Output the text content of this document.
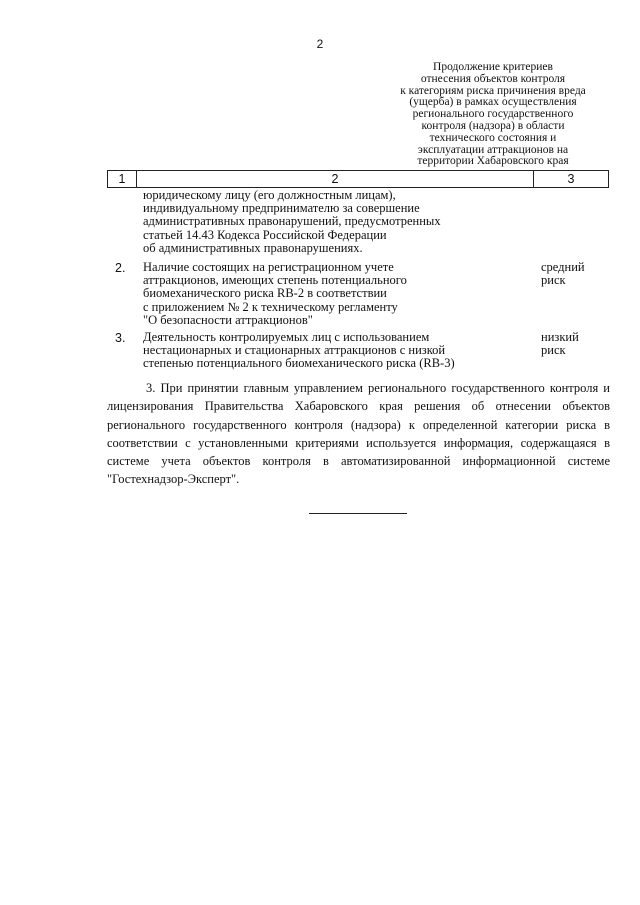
2
Продолжение критериев
отнесения объектов контроля
к категориям риска причинения вреда
(ущерба) в рамках осуществления
регионального государственного
контроля (надзора) в области
технического состояния и
эксплуатации аттракционов на
территории Хабаровского края
1	2	3
юридическому лицу (его должностным лицам),
индивидуальному предпринимателю за совершение
административных правонарушений, предусмотренных
статьей 14.43 Кодекса Российской Федерации
об административных правонарушениях.
2. Наличие состоящих на регистрационном учете
аттракционов, имеющих степень потенциального
биомеханического риска RB-2 в соответствии
с приложением № 2 к техническому регламенту
"О безопасности аттракционов"
средний
риск
3. Деятельность контролируемых лиц с использованием
нестационарных и стационарных аттракционов с низкой
степенью потенциального биомеханического риска (RB-3)
низкий
риск
3. При принятии главным управлением регионального государственного контроля и лицензирования Правительства Хабаровского края решения об отнесении объектов регионального государственного контроля (надзора) к определенной категории риска в соответствии с установленными критериями используется информация, содержащаяся в системе учета объектов контроля в автоматизированной информационной системе "Гостехнадзор-Эксперт".
